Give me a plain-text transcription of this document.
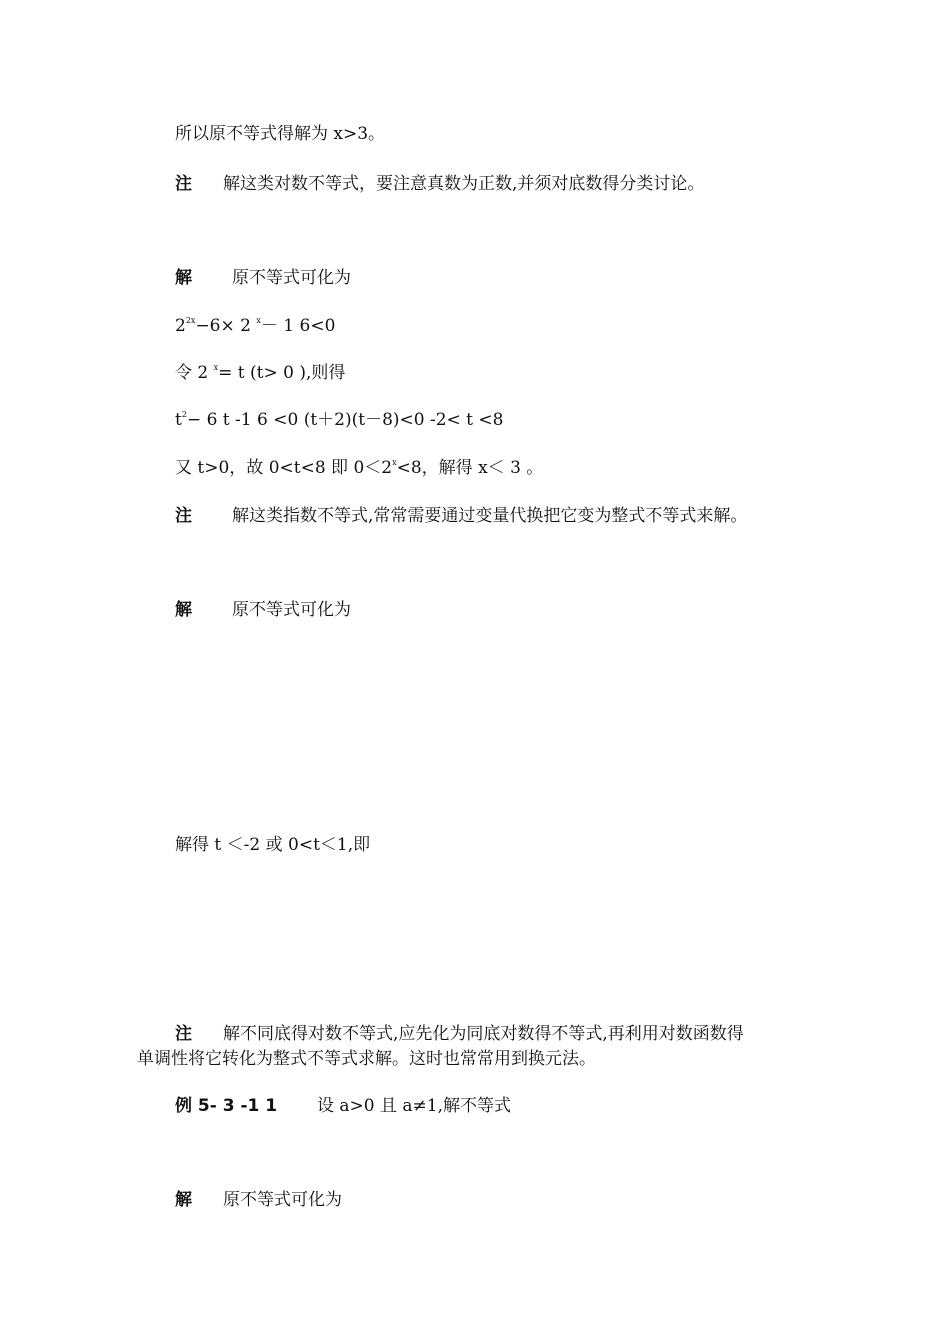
所以原不等式得解为 x>3。
注 解这类对数不等式，要注意真数为正数,并须对底数得分类讨论。
解 原不等式可化为
$2^{2x}-6\times 2$ $^x$－ 1 6<0
令 2 $^x$= t (t> 0 ),则得
$t^2- 6$ t -1 6 <0 (t＋2)(t－8)<0 -2< t <8
又 t>0，故 0<t<8 即 $0<2^x<8$，解得 x＜ 3 。
注 解这类指数不等式,常常需要通过变量代换把它变为整式不等式来解。
解 原不等式可化为
解得 t ＜-2 或 0<t＜1,即
注 解不同底得对数不等式,应先化为同底对数得不等式,再利用对数函数得
单调性将它转化为整式不等式求解。这时也常常用到换元法。
例 5- 3 -1 1 设 a>0 且 a≠1,解不等式
解 原不等式可化为
